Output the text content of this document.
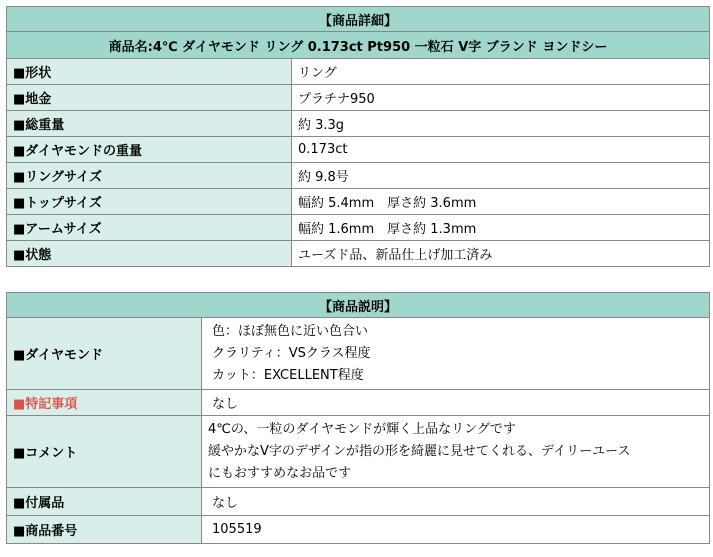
【商品詳細】	
商品名:4℃ ダイヤモンド リング 0.173ct Pt950 一粒石 V字 ブランド ヨンドシー	
■形状	リング
■地金	プラチナ950
■総重量	約 3.3g
■ダイヤモンドの重量	0.173ct
■リングサイズ	約 9.8号
■トップサイズ	幅約 5.4mm　厚さ約 3.6mm
■アームサイズ	幅約 1.6mm　厚さ約 1.3mm
■状態	ユーズド品、新品仕上げ加工済み
【商品説明】	
■ダイヤモンド	色：ほぼ無色に近い色合い
クラリティ：VSクラス程度
カット：EXCELLENT程度

■特記事項	なし
■コメント	4℃の、一粒のダイヤモンドが輝く上品なリングです
緩やかなV字のデザインが指の形を綺麗に見せてくれる、デイリーユース
にもおすすめなお品です

■付属品	なし
■商品番号	105519
